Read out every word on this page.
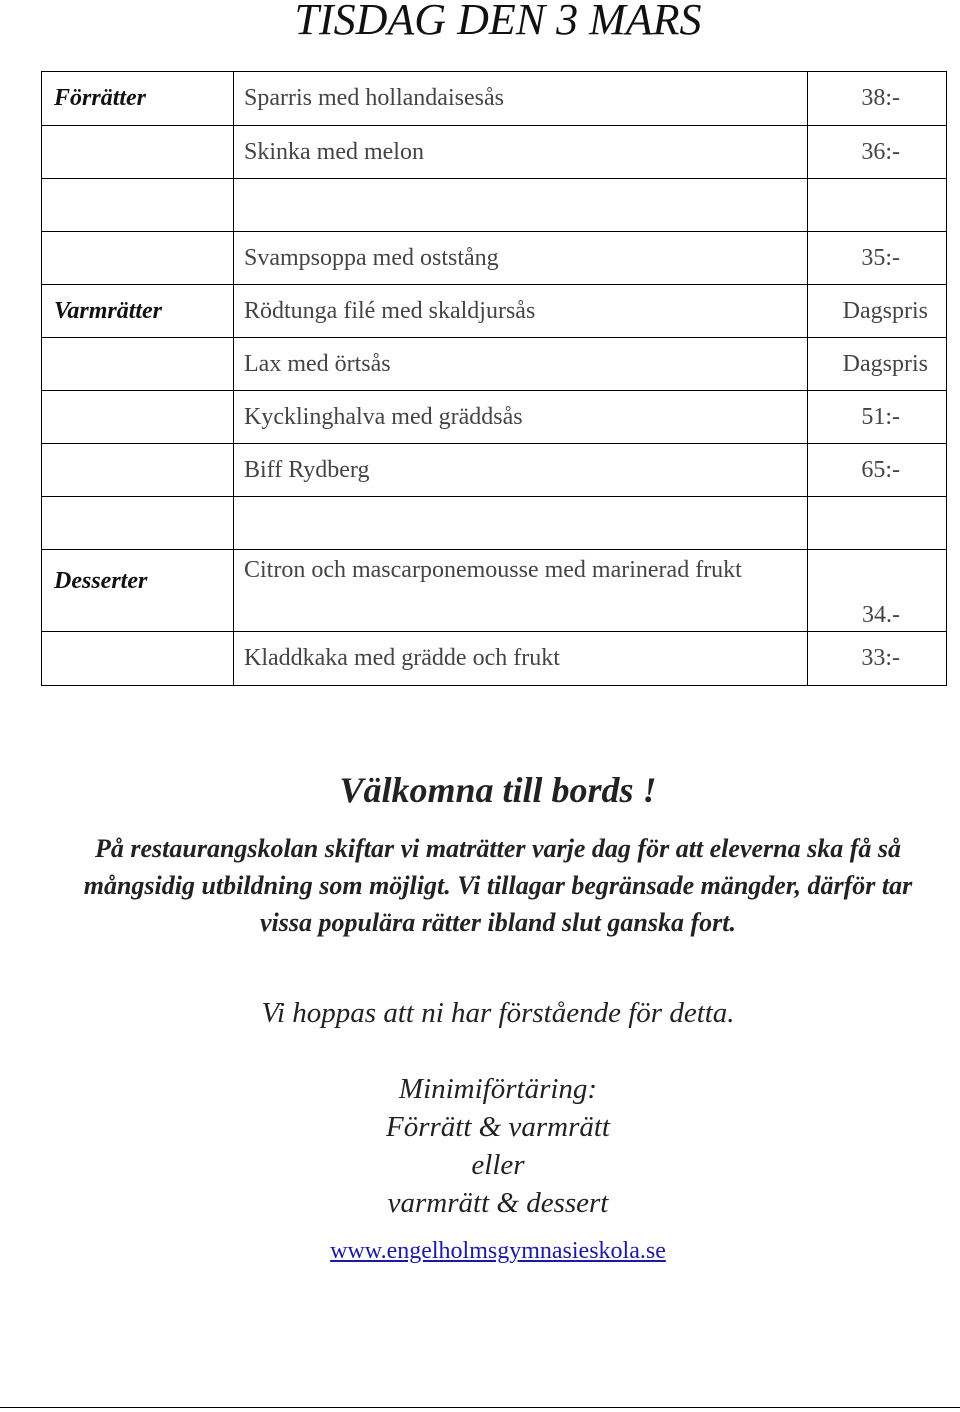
TISDAG DEN 3 MARS
Förrätter	Sparris med hollandaisesås	38:-
	Skinka med melon	36:-

	Svampsoppa med oststång	35:-
Varmrätter	Rödtunga filé med skaldjursås	Dagspris
	Lax med örtsås	Dagspris
	Kycklinghalva med gräddsås	51:-
	Biff Rydberg	65:-

Desserter	Citron och mascarponemousse med marinerad frukt	34.-
	Kladdkaka med grädde och frukt	33:-

Välkomna till bords !

På restaurangskolan skiftar vi maträtter varje dag för att eleverna ska få så mångsidig utbildning som möjligt. Vi tillagar begränsade mängder, därför tar vissa populära rätter ibland slut ganska fort.

Vi hoppas att ni har förstående för detta.

Minimiförtäring:
Förrätt & varmrätt
eller
varmrätt & dessert
www.engelholmsgymnasieskola.se
